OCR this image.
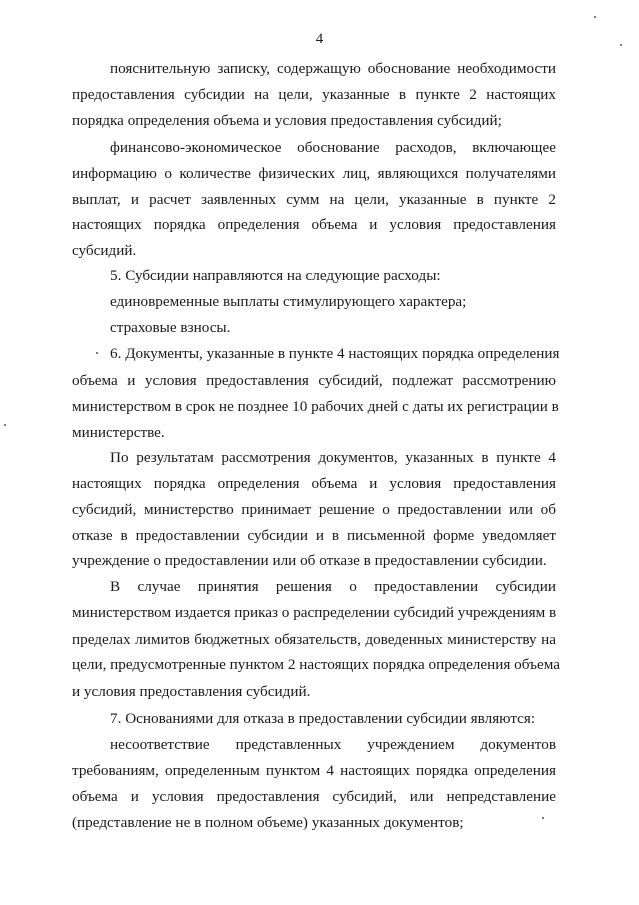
4
пояснительную записку, содержащую обоснование необходимости
предоставления субсидии на цели, указанные в пункте 2 настоящих
порядка определения объема и условия предоставления субсидий;
финансово-экономическое обоснование расходов, включающее
информацию о количестве физических лиц, являющихся получателями
выплат, и расчет заявленных сумм на цели, указанные в пункте 2
настоящих порядка определения объема и условия предоставления
субсидий.
5. Субсидии направляются на следующие расходы:
единовременные выплаты стимулирующего характера;
страховые взносы.
6. Документы, указанные в пункте 4 настоящих порядка определения
объема и условия предоставления субсидий, подлежат рассмотрению
министерством в срок не позднее 10 рабочих дней с даты их регистрации в
министерстве.
По результатам рассмотрения документов, указанных в пункте 4
настоящих порядка определения объема и условия предоставления
субсидий, министерство принимает решение о предоставлении или об
отказе в предоставлении субсидии и в письменной форме уведомляет
учреждение о предоставлении или об отказе в предоставлении субсидии.
В случае принятия решения о предоставлении субсидии
министерством издается приказ о распределении субсидий учреждениям в
пределах лимитов бюджетных обязательств, доведенных министерству на
цели, предусмотренные пунктом 2 настоящих порядка определения объема
и условия предоставления субсидий.
7. Основаниями для отказа в предоставлении субсидии являются:
несоответствие представленных учреждением документов
требованиям, определенным пунктом 4 настоящих порядка определения
объема и условия предоставления субсидий, или непредставление
(представление не в полном объеме) указанных документов;
